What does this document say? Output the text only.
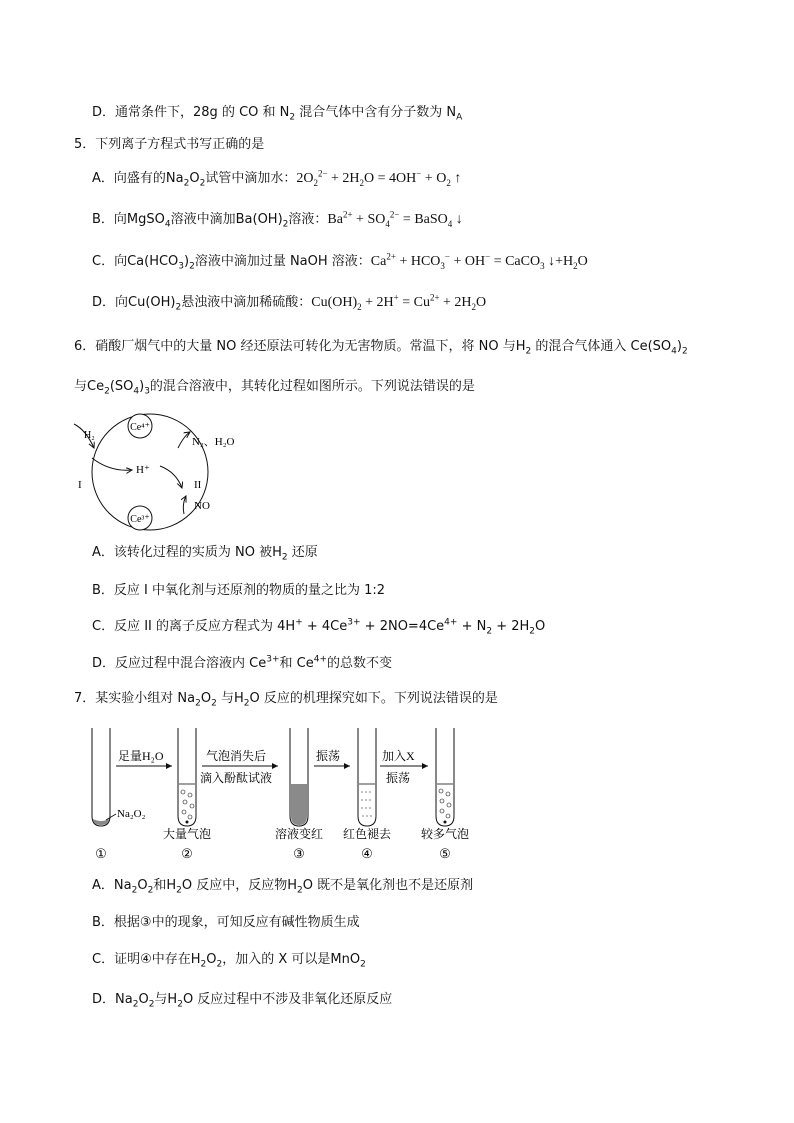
D．通常条件下，28g 的 CO 和 $N_2$ 混合气体中含有分子数为 $N_A$
5．下列离子方程式书写正确的是
A．向盛有的$Na_2O_2$试管中滴加水：$2O_2^{2-} + 2H_2O = 4OH^- + O_2$ ↑
B．向MgSO$_4$溶液中滴加$Ba(OH)_2$溶液：$Ba^{2+} + SO_4^{2-}$ = BaSO$_4$ ↓
C．向$Ca(HCO_3)_2$溶液中滴加过量 NaOH 溶液：$Ca^{2+} + HCO_3^- + OH^-$ = CaCO$_3$ $↓+H_2O$
D．向$Cu(OH)_2$悬浊液中滴加稀硫酸：$Cu(OH)_2 + 2H^+ = Cu^{2+} + 2H_2O$
6．硝酸厂烟气中的大量 NO 经还原法可转化为无害物质。常温下，将 NO 与$H_2$ 的混合气体通入 $Ce(SO_4)_2$
与$Ce_2(SO_4)_3$的混合溶液中，其转化过程如图所示。下列说法错误的是
Ce⁴⁺
Ce³⁺
H₂
H⁺
N₂、H₂O
NO
I	II
A．该转化过程的实质为 NO 被$H_2$ 还原
B．反应 I 中氧化剂与还原剂的物质的量之比为 1:2
C．反应 II 的离子反应方程式为 $4H^+ + 4Ce^{3+} + 2NO=4Ce^{4+} + N_2 + 2H_2O$
D．反应过程中混合溶液内 $Ce^{3+}$和 $Ce^{4+}$的总数不变
7．某实验小组对 $Na_2O_2$ 与$H_2O$ 反应的机理探究如下。下列说法错误的是
Na₂O₂
足量H₂O	气泡消失后
滴入酚酞试液
振荡	加入X
振荡
大量气泡	溶液变红 红色褪去 较多气泡
①	②	③	④	⑤
A．$Na_2O_2$和$H_2O$ 反应中，反应物$H_2O$ 既不是氧化剂也不是还原剂
B．根据③中的现象，可知反应有碱性物质生成
C．证明④中存在$H_2O_2$，加入的 X 可以是MnO$_2$
D．$Na_2O_2$与$H_2O$ 反应过程中不涉及非氧化还原反应
